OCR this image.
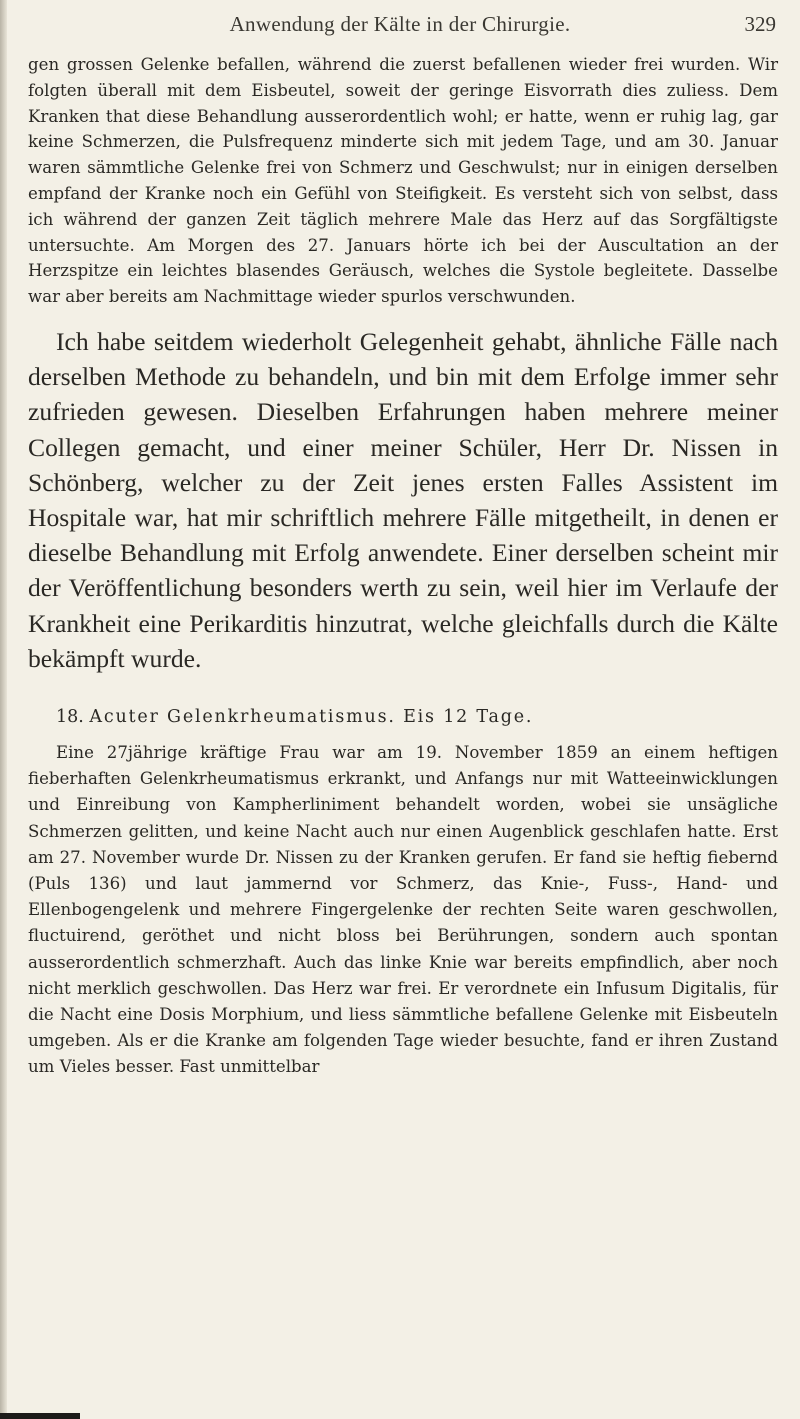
Anwendung der Kälte in der Chirurgie.	329

gen grossen Gelenke befallen, während die zuerst befallenen wieder frei wurden. Wir folgten überall mit dem Eisbeutel, soweit der geringe Eisvorrath dies zuliess. Dem Kranken that diese Behandlung ausserordentlich wohl; er hatte, wenn er ruhig lag, gar keine Schmerzen, die Pulsfrequenz minderte sich mit jedem Tage, und am 30. Januar waren sämmtliche Gelenke frei von Schmerz und Geschwulst; nur in einigen derselben empfand der Kranke noch ein Gefühl von Steifigkeit. Es versteht sich von selbst, dass ich während der ganzen Zeit täglich mehrere Male das Herz auf das Sorgfältigste untersuchte. Am Morgen des 27. Januars hörte ich bei der Auscultation an der Herzspitze ein leichtes blasendes Geräusch, welches die Systole begleitete. Dasselbe war aber bereits am Nachmittage wieder spurlos verschwunden.

Ich habe seitdem wiederholt Gelegenheit gehabt, ähnliche Fälle nach derselben Methode zu behandeln, und bin mit dem Erfolge immer sehr zufrieden gewesen. Dieselben Erfahrungen haben mehrere meiner Collegen gemacht, und einer meiner Schüler, Herr Dr. Nissen in Schönberg, welcher zu der Zeit jenes ersten Falles Assistent im Hospitale war, hat mir schriftlich mehrere Fälle mitgetheilt, in denen er dieselbe Behandlung mit Erfolg anwendete. Einer derselben scheint mir der Veröffentlichung besonders werth zu sein, weil hier im Verlaufe der Krankheit eine Perikarditis hinzutrat, welche gleichfalls durch die Kälte bekämpft wurde.

18. Acuter Gelenkrheumatismus. Eis 12 Tage.

Eine 27jährige kräftige Frau war am 19. November 1859 an einem heftigen fieberhaften Gelenkrheumatismus erkrankt, und Anfangs nur mit Watteeinwicklungen und Einreibung von Kampherliniment behandelt worden, wobei sie unsägliche Schmerzen gelitten, und keine Nacht auch nur einen Augenblick geschlafen hatte. Erst am 27. November wurde Dr. Nissen zu der Kranken gerufen. Er fand sie heftig fiebernd (Puls 136) und laut jammernd vor Schmerz, das Knie-, Fuss-, Hand- und Ellenbogengelenk und mehrere Fingergelenke der rechten Seite waren geschwollen, fluctuirend, geröthet und nicht bloss bei Berührungen, sondern auch spontan ausserordentlich schmerzhaft. Auch das linke Knie war bereits empfindlich, aber noch nicht merklich geschwollen. Das Herz war frei. Er verordnete ein Infusum Digitalis, für die Nacht eine Dosis Morphium, und liess sämmtliche befallene Gelenke mit Eisbeuteln umgeben. Als er die Kranke am folgenden Tage wieder besuchte, fand er ihren Zustand um Vieles besser. Fast unmittelbar
